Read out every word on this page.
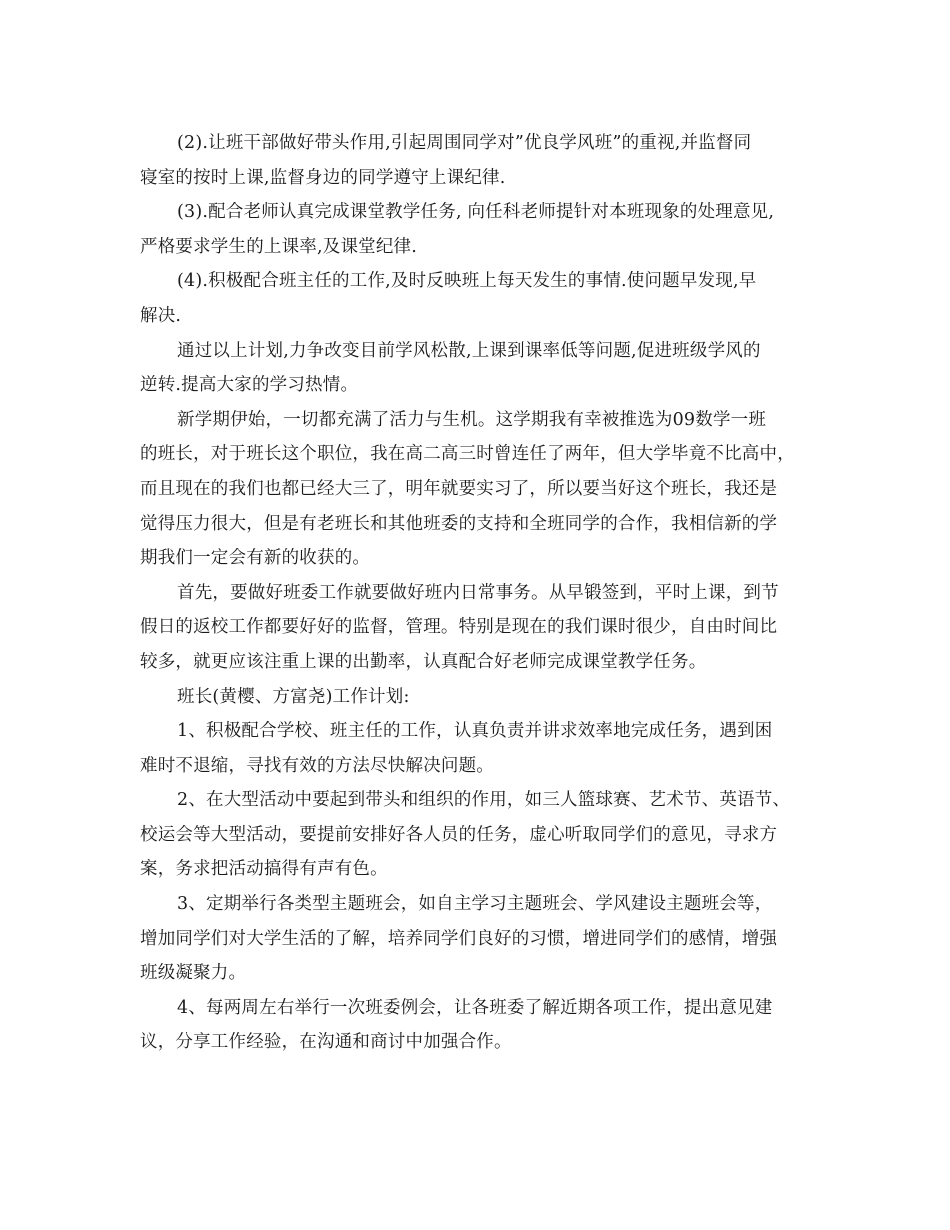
(2).让班干部做好带头作用,引起周围同学对”优良学风班”的重视,并监督同
寝室的按时上课,监督身边的同学遵守上课纪律.

(3).配合老师认真完成课堂教学任务, 向任科老师提针对本班现象的处理意见,
严格要求学生的上课率,及课堂纪律.

(4).积极配合班主任的工作,及时反映班上每天发生的事情.使问题早发现,早
解决.

通过以上计划,力争改变目前学风松散,上课到课率低等问题,促进班级学风的
逆转.提高大家的学习热情。

新学期伊始，一切都充满了活力与生机。这学期我有幸被推选为09数学一班
的班长，对于班长这个职位，我在高二高三时曾连任了两年，但大学毕竟不比高中，
而且现在的我们也都已经大三了，明年就要实习了，所以要当好这个班长，我还是
觉得压力很大，但是有老班长和其他班委的支持和全班同学的合作，我相信新的学
期我们一定会有新的收获的。

首先，要做好班委工作就要做好班内日常事务。从早锻签到，平时上课，到节
假日的返校工作都要好好的监督，管理。特别是现在的我们课时很少，自由时间比
较多，就更应该注重上课的出勤率，认真配合好老师完成课堂教学任务。

班长(黄樱、方富尧)工作计划:

1、积极配合学校、班主任的工作，认真负责并讲求效率地完成任务，遇到困
难时不退缩，寻找有效的方法尽快解决问题。

2、在大型活动中要起到带头和组织的作用，如三人篮球赛、艺术节、英语节、
校运会等大型活动，要提前安排好各人员的任务，虚心听取同学们的意见，寻求方
案，务求把活动搞得有声有色。

3、定期举行各类型主题班会，如自主学习主题班会、学风建设主题班会等，
增加同学们对大学生活的了解，培养同学们良好的习惯，增进同学们的感情，增强
班级凝聚力。

4、每两周左右举行一次班委例会，让各班委了解近期各项工作，提出意见建
议，分享工作经验，在沟通和商讨中加强合作。
